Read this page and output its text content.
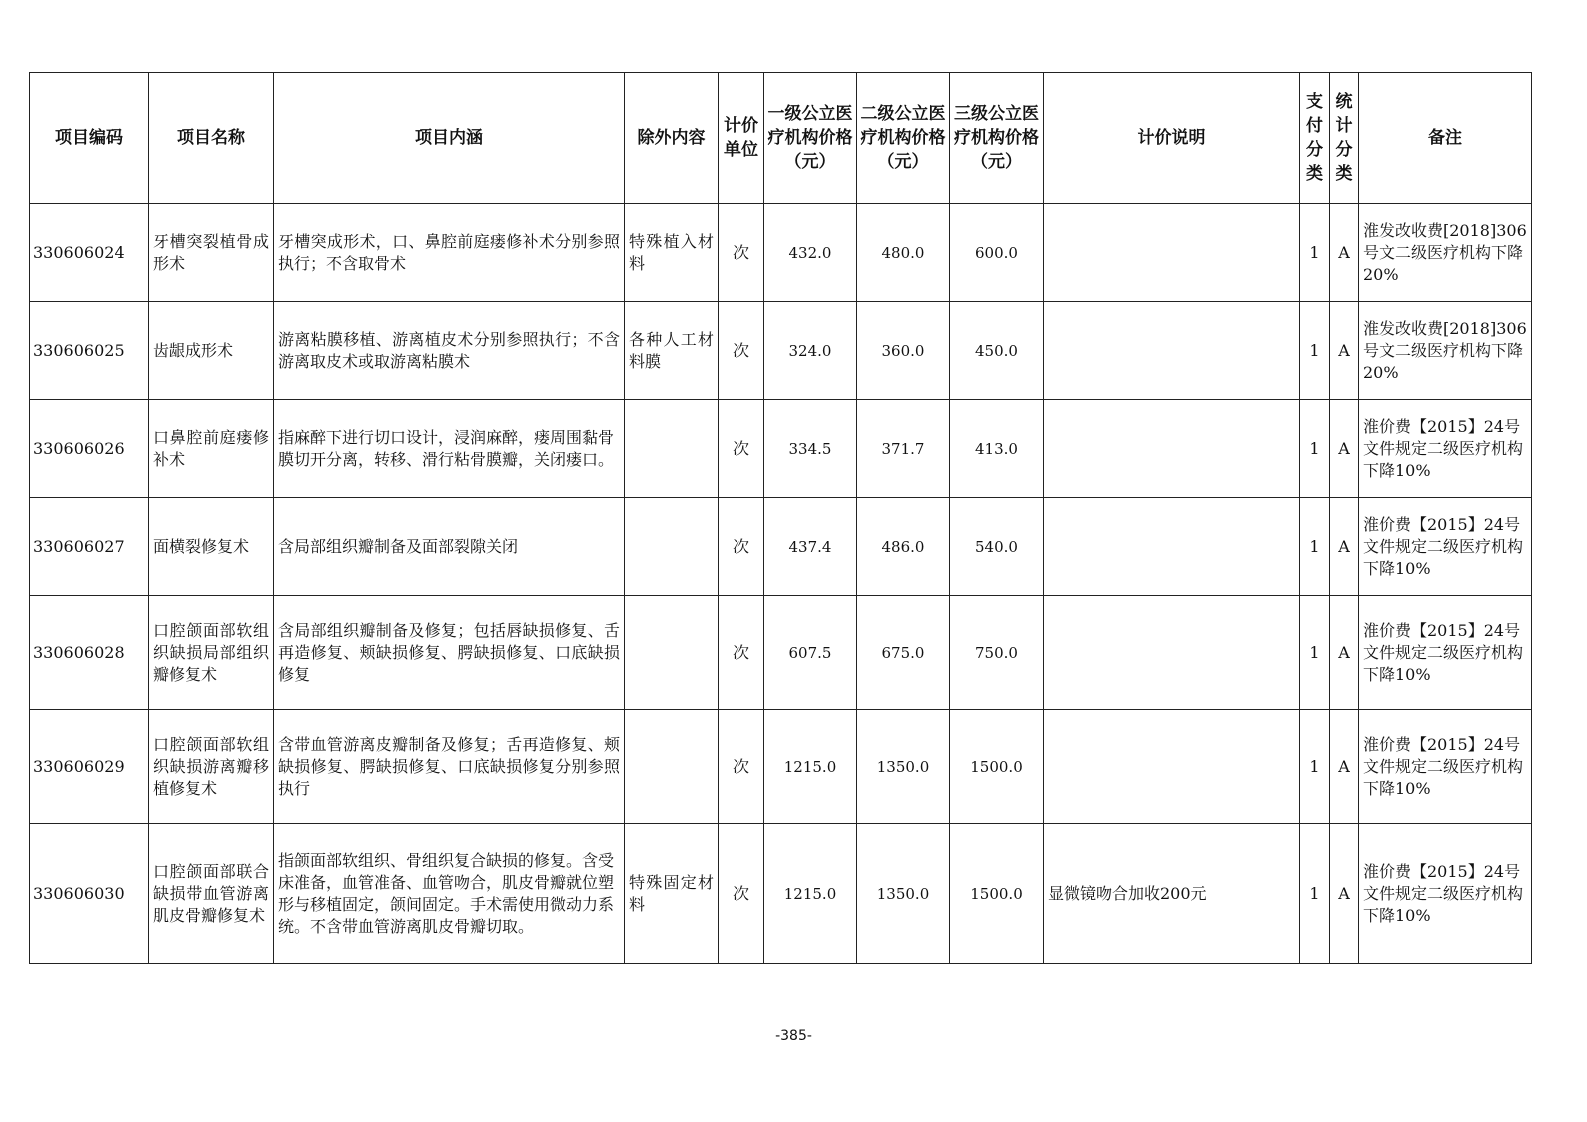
项目编码	项目名称	项目内涵	除外内容	计价单位	一级公立医疗机构价格（元）	二级公立医疗机构价格（元）	三级公立医疗机构价格（元）	计价说明	支付分类	统计分类	备注
330606024	牙槽突裂植骨成形术	牙槽突成形术，口、鼻腔前庭瘘修补术分别参照执行；不含取骨术	特殊植入材料	次	432.0	480.0	600.0		1	A	淮发改收费[2018]306号文二级医疗机构下降20%
330606025	齿龈成形术	游离粘膜移植、游离植皮术分别参照执行；不含游离取皮术或取游离粘膜术	各种人工材料膜	次	324.0	360.0	450.0		1	A	淮发改收费[2018]306号文二级医疗机构下降20%
330606026	口鼻腔前庭瘘修补术	指麻醉下进行切口设计，浸润麻醉，瘘周围黏骨膜切开分离，转移、滑行粘骨膜瓣，关闭瘘口。		次	334.5	371.7	413.0		1	A	淮价费【2015】24号文件规定二级医疗机构下降10%
330606027	面横裂修复术	含局部组织瓣制备及面部裂隙关闭		次	437.4	486.0	540.0		1	A	淮价费【2015】24号文件规定二级医疗机构下降10%
330606028	口腔颌面部软组织缺损局部组织瓣修复术	含局部组织瓣制备及修复；包括唇缺损修复、舌再造修复、颊缺损修复、腭缺损修复、口底缺损修复		次	607.5	675.0	750.0		1	A	淮价费【2015】24号文件规定二级医疗机构下降10%
330606029	口腔颌面部软组织缺损游离瓣移植修复术	含带血管游离皮瓣制备及修复；舌再造修复、颊缺损修复、腭缺损修复、口底缺损修复分别参照执行		次	1215.0	1350.0	1500.0		1	A	淮价费【2015】24号文件规定二级医疗机构下降10%
330606030	口腔颌面部联合缺损带血管游离肌皮骨瓣修复术	指颌面部软组织、骨组织复合缺损的修复。含受床准备，血管准备、血管吻合，肌皮骨瓣就位塑形与移植固定，颌间固定。手术需使用微动力系统。不含带血管游离肌皮骨瓣切取。	特殊固定材料	次	1215.0	1350.0	1500.0	显微镜吻合加收200元	1	A	淮价费【2015】24号文件规定二级医疗机构下降10%
-385-
